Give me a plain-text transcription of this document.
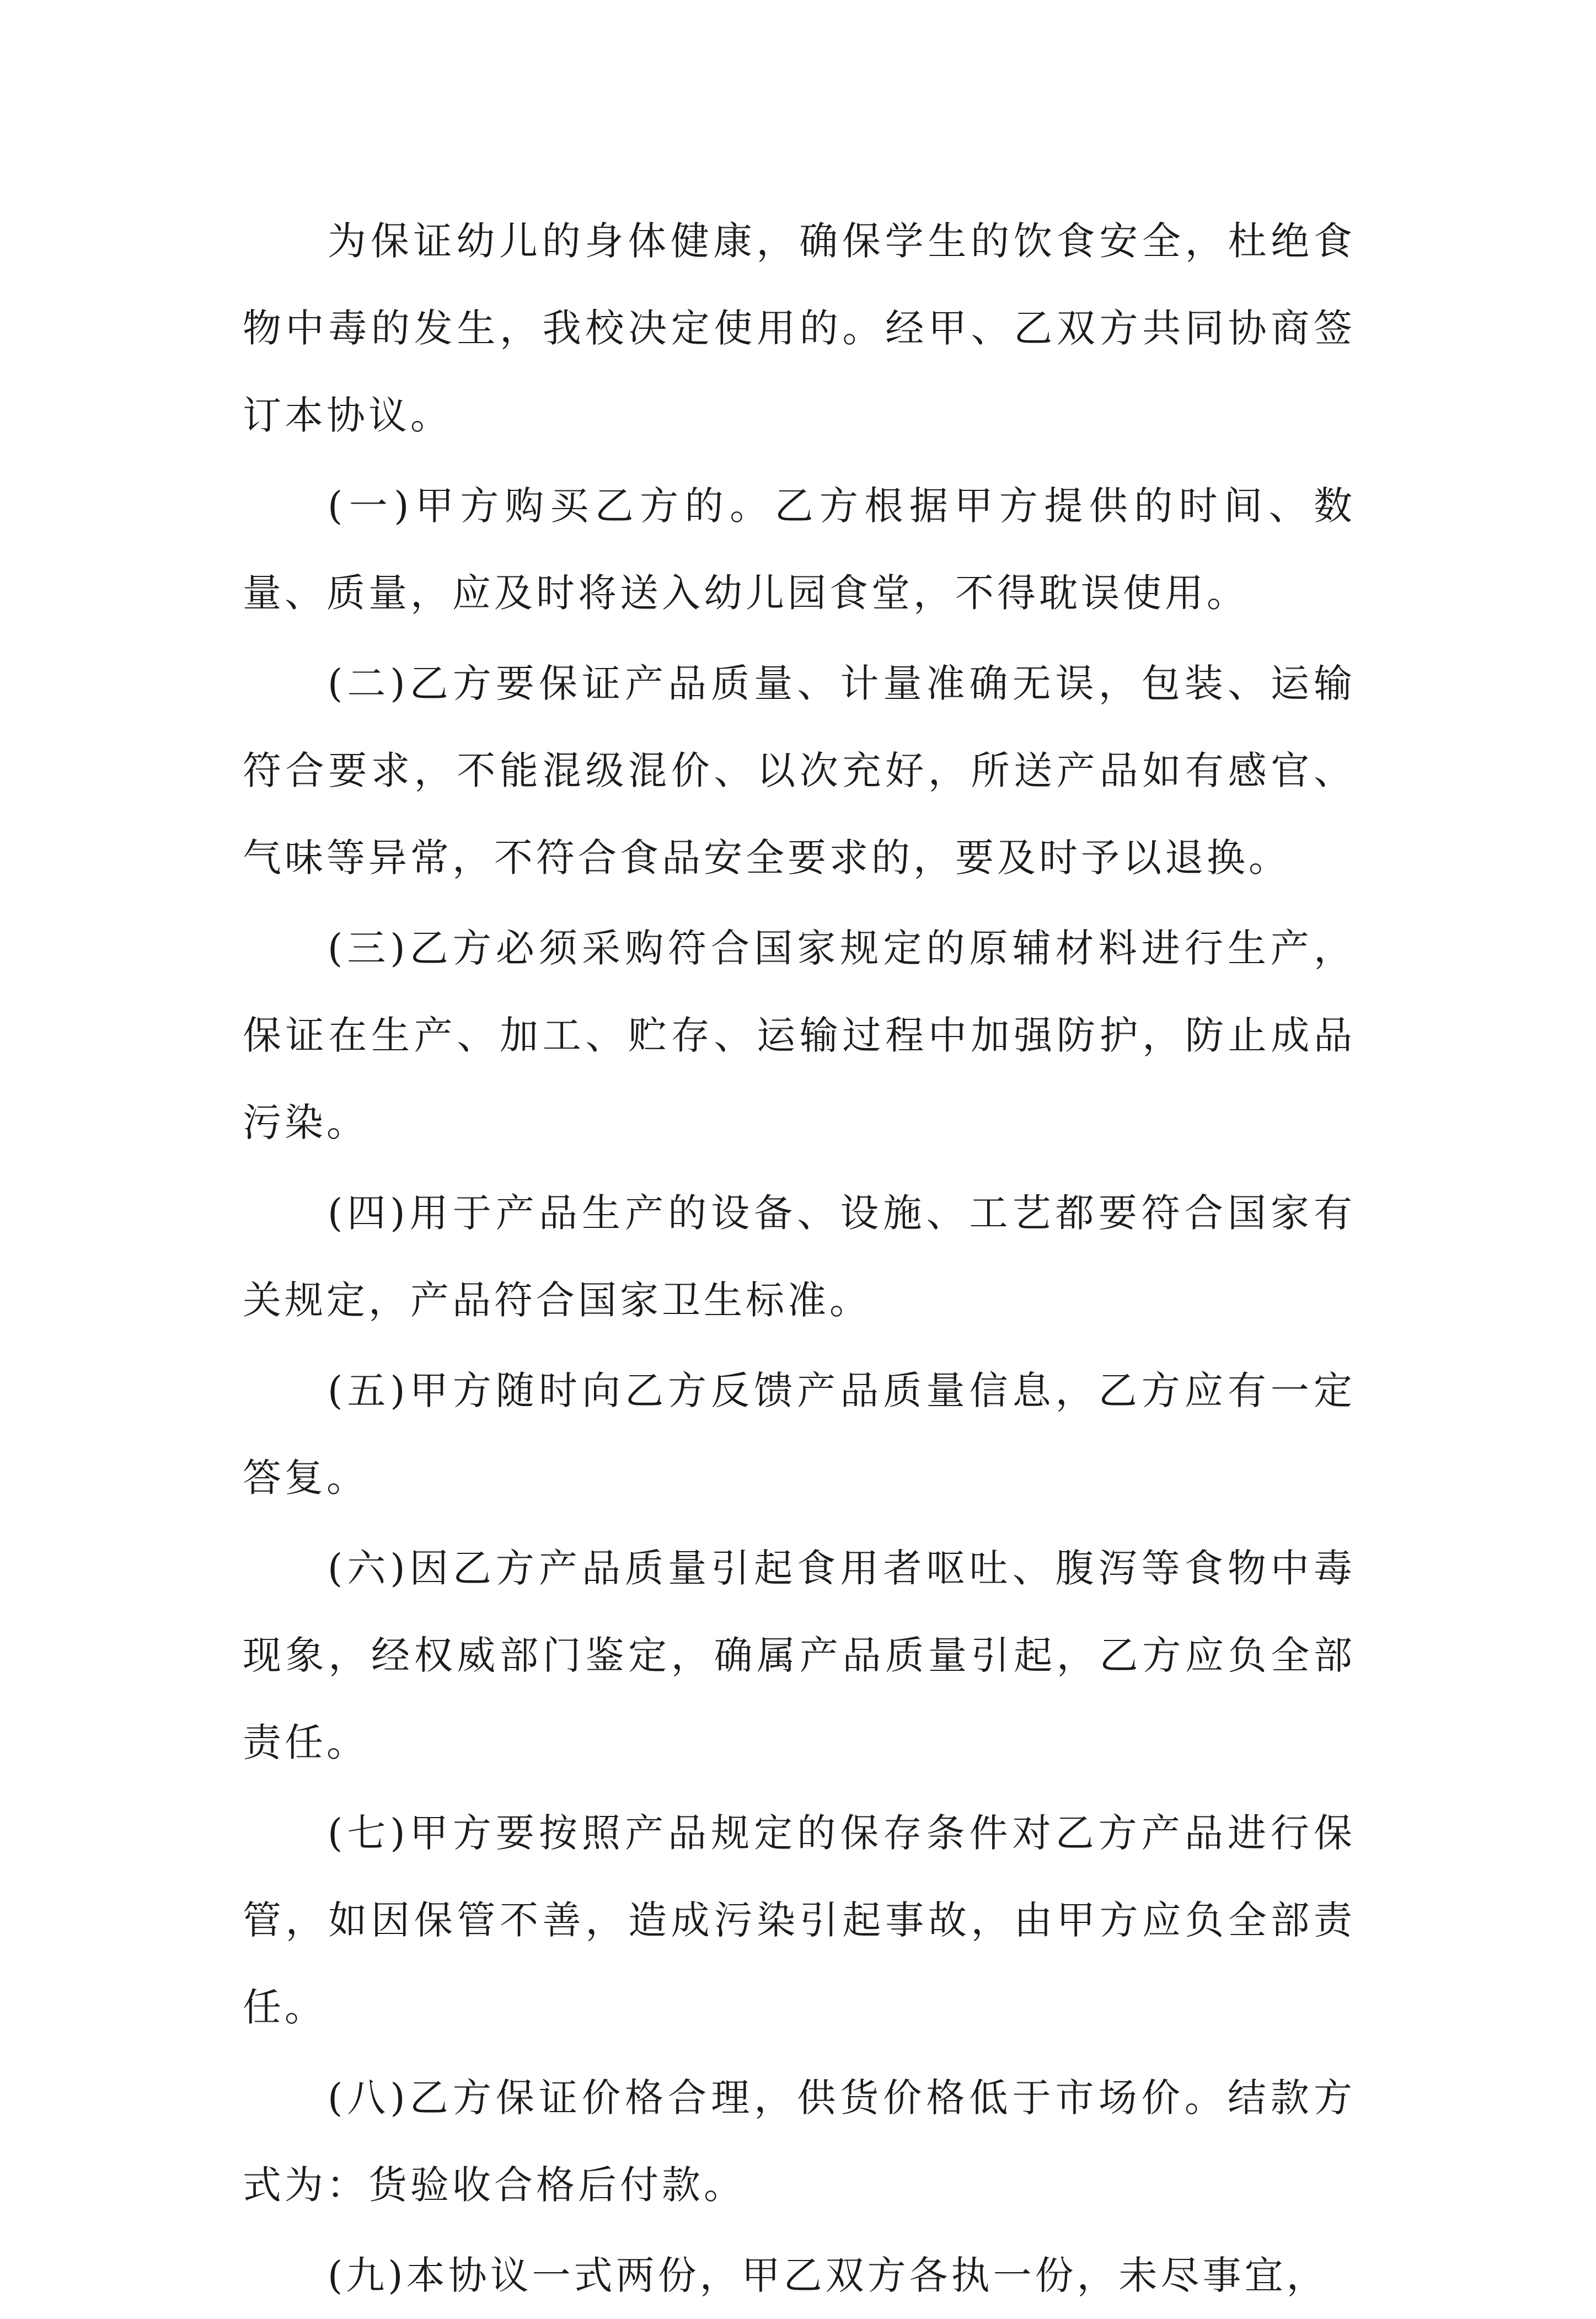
为保证幼儿的身体健康，确保学生的饮食安全，杜绝食物中毒的发生，我校决定使用的。经甲、乙双方共同协商签订本协议。

(一)甲方购买乙方的。乙方根据甲方提供的时间、数量、质量，应及时将送入幼儿园食堂，不得耽误使用。

(二)乙方要保证产品质量、计量准确无误，包装、运输符合要求，不能混级混价、以次充好，所送产品如有感官、气味等异常，不符合食品安全要求的，要及时予以退换。

(三)乙方必须采购符合国家规定的原辅材料进行生产，保证在生产、加工、贮存、运输过程中加强防护，防止成品污染。

(四)用于产品生产的设备、设施、工艺都要符合国家有关规定，产品符合国家卫生标准。

(五)甲方随时向乙方反馈产品质量信息，乙方应有一定答复。

(六)因乙方产品质量引起食用者呕吐、腹泻等食物中毒现象，经权威部门鉴定，确属产品质量引起，乙方应负全部责任。

(七)甲方要按照产品规定的保存条件对乙方产品进行保管，如因保管不善，造成污染引起事故，由甲方应负全部责任。

(八)乙方保证价格合理，供货价格低于市场价。结款方式为：货验收合格后付款。

(九)本协议一式两份，甲乙双方各执一份，未尽事宜，
